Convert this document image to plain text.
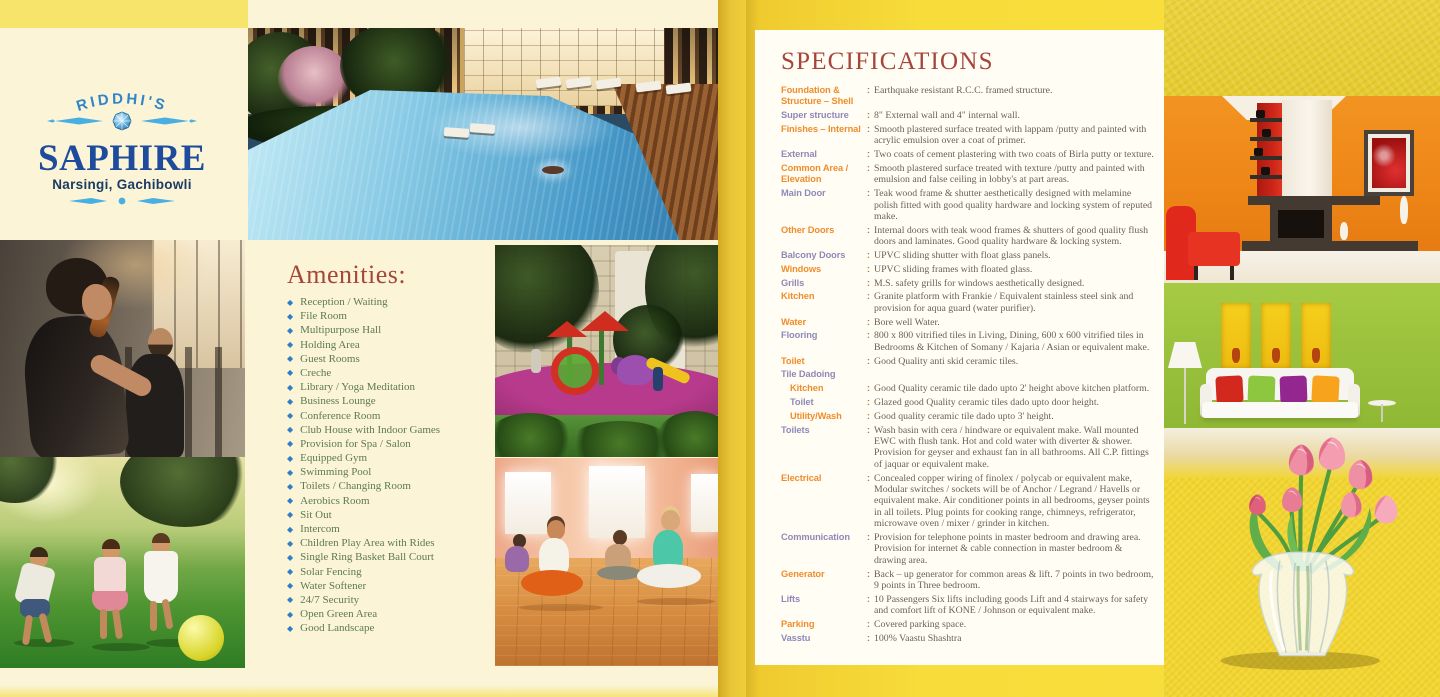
RIDDHI'S
SAPHIRE
Narsingi, Gachibowli
Amenities:
◆
Reception / Waiting
◆
File Room
◆
Multipurpose Hall
◆
Holding Area
◆
Guest Rooms
◆
Creche
◆
Library / Yoga Meditation
◆
Business Lounge
◆
Conference Room
◆
Club House with Indoor Games
◆
Provision for Spa / Salon
◆
Equipped Gym
◆
Swimming Pool
◆
Toilets / Changing Room
◆
Aerobics Room
◆
Sit Out
◆
Intercom
◆
Children Play Area with Rides
◆
Single Ring Basket Ball Court
◆
Solar Fencing
◆
Water Softener
◆
24/7 Security
◆
Open Green Area
◆
Good Landscape
SPECIFICATIONS
Foundation & Structure – Shell
: Earthquake resistant R.C.C. framed structure.
Super structure	: 8" External wall and 4" internal wall.
Finishes – Internal : Smooth plastered surface treated with lappam /putty and painted with acrylic emulsion over a coat of primer.
External	: Two coats of cement plastering with two coats of Birla putty or texture.
Common Area / Elevation
: Smooth plastered surface treated with texture /putty and painted with emulsion and false ceiling in lobby's at part areas.
Main Door	: Teak wood frame & shutter aesthetically designed with melamine polish fitted with good quality hardware and locking system of reputed make.
Other Doors	: Internal doors with teak wood frames & shutters of good quality flush doors and laminates. Good quality hardware & locking system.
Balcony Doors	: UPVC sliding shutter with float glass panels.
Windows	: UPVC sliding frames with floated glass.
Grills	: M.S. safety grills for windows aesthetically designed.
Kitchen	: Granite platform with Frankie / Equivalent stainless steel sink and provision for aqua guard (water purifier).
Water	: Bore well Water.
Flooring	: 800 x 800 vitrified tiles in Living, Dining, 600 x 600 vitrified tiles in Bedrooms & Kitchen of Somany / Kajaria / Asian or equivalent make.
Toilet	: Good Quality anti skid ceramic tiles.
Tile Dadoing
Kitchen	: Good Quality ceramic tile dado upto 2' height above kitchen platform.
Toilet	: Glazed good Quality ceramic tiles dado upto door height.
Utility/Wash	: Good quality ceramic tile dado upto 3' height.
Toilets	: Wash basin with cera / hindware or equivalent make. Wall mounted EWC with flush tank. Hot and cold water with diverter & shower. Provision for geyser and exhaust fan in all bathrooms. All C.P. fittings of jaquar or equivalent make.
Electrical	: Concealed copper wiring of finolex / polycab or equivalent make, Modular switches / sockets will be of Anchor / Legrand / Havells or equivalent make. Air conditioner points in all bedrooms, geyser points in all toilets. Plug points for cooking range, chimneys, refrigerator, microwave oven / mixer / grinder in kitchen.
Communication	: Provision for telephone points in master bedroom and drawing area. Provision for internet & cable connection in master bedroom & drawing area.
Generator	: Back – up generator for common areas & lift. 7 points in two bedroom, 9 points in Three bedroom.
Lifts	: 10 Passengers Six lifts including goods Lift and 4 stairways for safety and comfort lift of KONE / Johnson or equivalent make.
Parking	: Covered parking space.
Vasstu	: 100% Vaastu Shashtra
